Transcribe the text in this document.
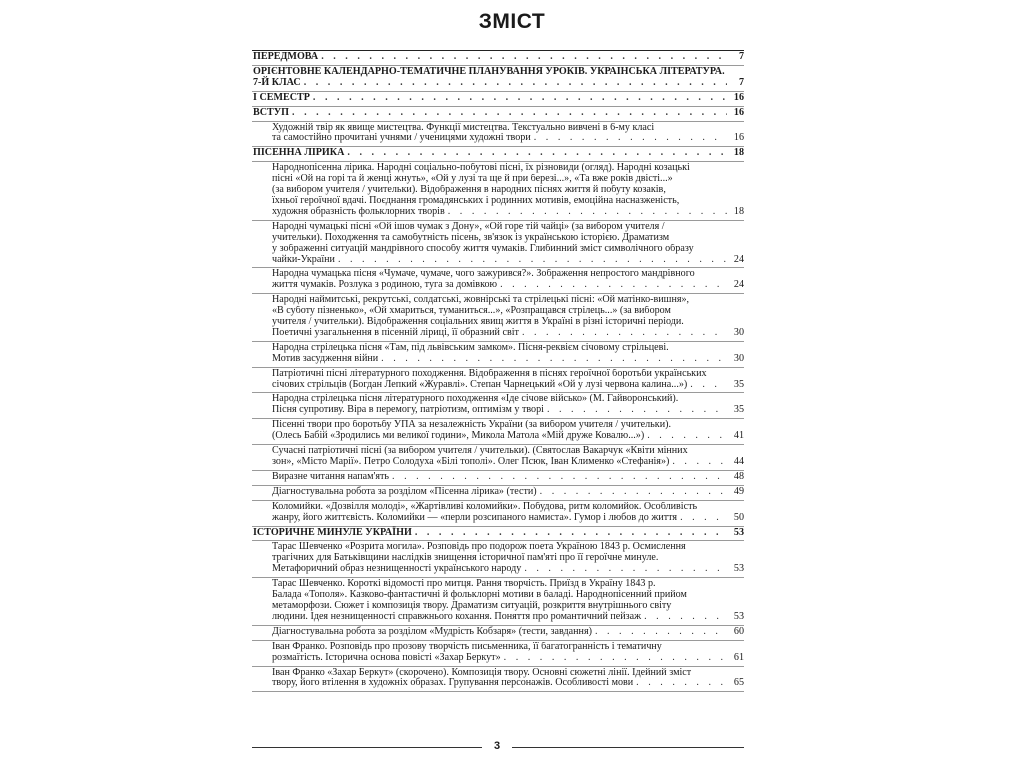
ЗМІСТ
ПЕРЕДМОВА . . .	7
ОРІЄНТОВНЕ КАЛЕНДАРНО-ТЕМАТИЧНЕ ПЛАНУВАННЯ УРОКІВ. УКРАЇНСЬКА ЛІТЕРАТУРА.
7-Й КЛАС . . .	7
І СЕМЕСТР . . .	16
ВСТУП . . .	16
Художній твір як явище мистецтва. Функції мистецтва. Текстуально вивчені в 6-му класі
та самостійно прочитані учнями / ученицями художні твори . . .	16
ПІСЕННА ЛІРИКА . . .	18
Народнопісенна лірика. Народні соціально-побутові пісні, їх різновиди (огляд). Народні козацькі
пісні «Ой на горі та й женці жнуть», «Ой у лузі та ще й при березі...», «Та вже років двісті...»
(за вибором учителя / учительки). Відображення в народних піснях життя й побуту козаків,
їхньої героїчної вдачі. Поєднання громадянських і родинних мотивів, емоційна насназженість,
художня образність фольклорних творів . . .	18
Народні чумацькі пісні «Ой ішов чумак з Дону», «Ой горе тій чайці» (за вибором учителя /
учительки). Походження та самобутність пісень, зв'язок із українською історією. Драматизм
у зображенні ситуацій мандрівного способу життя чумаків. Глибинний зміст символічного образу
чайки-України . . .	24
Народна чумацька пісня «Чумаче, чумаче, чого зажурився?». Зображення непростого мандрівного
життя чумаків. Розлука з родиною, туга за домівкою . . .	24
Народні наймитські, рекрутські, солдатські, жовнірські та стрілецькі пісні: «Ой матінко-вишня»,
«В суботу пізненько», «Ой хмариться, туманиться...», «Розпращався стрілець...» (за вибором
учителя / учительки). Відображення соціальних явищ життя в Україні в різні історичні періоди.
Поетичні узагальнення в пісенній ліриці, її образний світ . . .	30
Народна стрілецька пісня «Там, під львівським замком». Пісня-реквієм січовому стрільцеві.
Мотив засудження війни . . .	30
Патріотичні пісні літературного походження. Відображення в піснях героїчної боротьби українських
січових стрільців (Богдан Лепкий «Журавлі». Степан Чарнецький «Ой у лузі червона калина...») . . .	35
Народна стрілецька пісня літературного походження «Іде січове військо» (М. Гайворонський).
Пісня супротиву. Віра в перемогу, патріотизм, оптимізм у творі . . .	35
Пісенні твори про боротьбу УПА за незалежність України (за вибором учителя / учительки).
(Олесь Бабій «Зродились ми великої години», Микола Матола «Мій друже Ковалю...») . . .	41
Сучасні патріотичні пісні (за вибором учителя / учительки). (Святослав Вакарчук «Квіти мінних
зон», «Місто Марії». Петро Солодуха «Білі тополі». Олег Псюк, Іван Клименко «Стефанія») . . .	44
Виразне читання напам'ять . . .	48
Діагностувальна робота за розділом «Пісенна лірика» (тести) . . .	49
Коломийки. «Дозвілля молоді», «Жартівливі коломийки». Побудова, ритм коломийок. Особливість
жанру, його життєвість. Коломийки — «перли розсипаного намиста». Гумор і любов до життя . . .	50
ІСТОРИЧНЕ МИНУЛЕ УКРАЇНИ . . .	53
Тарас Шевченко «Розрита могила». Розповідь про подорож поета Україною 1843 р. Осмислення
трагічних для Батьківщини наслідків знищення історичної пам'яті про її героїчне минуле.
Метафоричний образ незнищенності українського народу . . .	53
Тарас Шевченко. Короткі відомості про митця. Рання творчість. Приїзд в Україну 1843 р.
Балада «Тополя». Казково-фантастичні й фольклорні мотиви в баладі. Народнопісенний прийом
метаморфози. Сюжет і композиція твору. Драматизм ситуацій, розкриття внутрішнього світу
людини. Ідея незнищенності справжнього кохання. Поняття про романтичний пейзаж . . .	53
Діагностувальна робота за розділом «Мудрість Кобзаря» (тести, завдання) . . .	60
Іван Франко. Розповідь про прозову творчість письменника, її багатогранність і тематичну
розмаїтість. Історична основа повісті «Захар Беркут» . . .	61
Іван Франко «Захар Беркут» (скорочено). Композиція твору. Основні сюжетні лінії. Ідейний зміст
твору, його втілення в художніх образах. Групування персонажів. Особливості мови . . .	65
3
